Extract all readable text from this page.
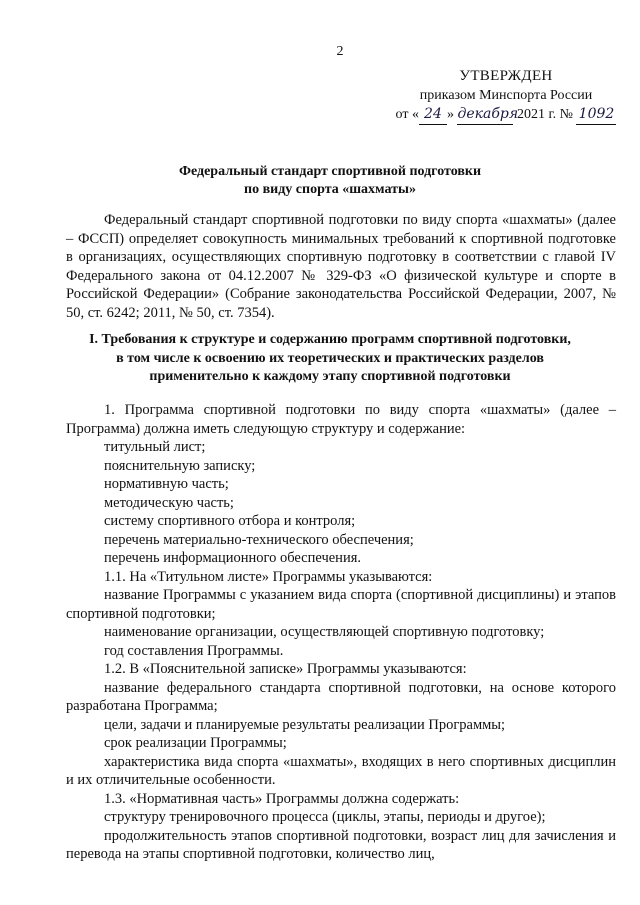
2
УТВЕРЖДЕН
приказом Минспорта России
от « 24 » декабря 2021 г. № 1092
Федеральный стандарт спортивной подготовки
по виду спорта «шахматы»

Федеральный стандарт спортивной подготовки по виду спорта «шахматы» (далее – ФССП) определяет совокупность минимальных требований к спортивной подготовке в организациях, осуществляющих спортивную подготовку в соответствии с главой IV Федерального закона от 04.12.2007 № 329-ФЗ «О физической культуре и спорте в Российской Федерации» (Собрание законодательства Российской Федерации, 2007, № 50, ст. 6242; 2011, № 50, ст. 7354).

I. Требования к структуре и содержанию программ спортивной подготовки,
в том числе к освоению их теоретических и практических разделов
применительно к каждому этапу спортивной подготовки

1. Программа спортивной подготовки по виду спорта «шахматы» (далее – Программа) должна иметь следующую структуру и содержание:

титульный лист;

пояснительную записку;

нормативную часть;

методическую часть;

систему спортивного отбора и контроля;

перечень материально-технического обеспечения;

перечень информационного обеспечения.

1.1. На «Титульном листе» Программы указываются:

название Программы с указанием вида спорта (спортивной дисциплины) и этапов спортивной подготовки;

наименование организации, осуществляющей спортивную подготовку;

год составления Программы.

1.2. В «Пояснительной записке» Программы указываются:

название федерального стандарта спортивной подготовки, на основе которого разработана Программа;

цели, задачи и планируемые результаты реализации Программы;

срок реализации Программы;

характеристика вида спорта «шахматы», входящих в него спортивных дисциплин и их отличительные особенности.

1.3. «Нормативная часть» Программы должна содержать:

структуру тренировочного процесса (циклы, этапы, периоды и другое);

продолжительность этапов спортивной подготовки, возраст лиц для зачисления и перевода на этапы спортивной подготовки, количество лиц,
